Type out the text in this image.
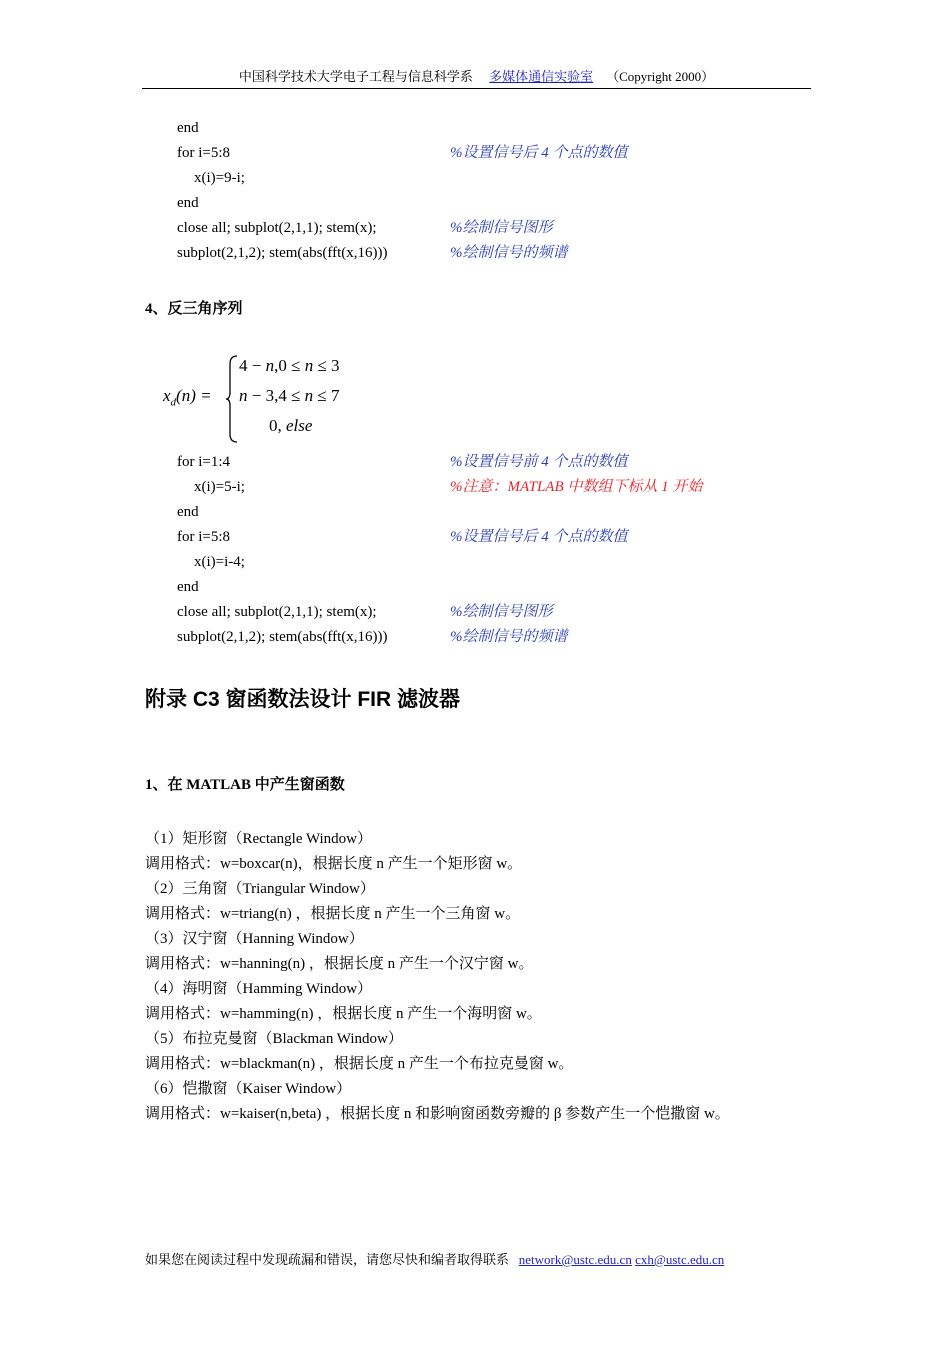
中国科学技术大学电子工程与信息科学系 多媒体通信实验室 （Copyright 2000）
end
for i=5:8	%设置信号后 4 个点的数值
x(i)=9-i;
end
close all; subplot(2,1,1); stem(x);	%绘制信号图形
subplot(2,1,2); stem(abs(fft(x,16)))	%绘制信号的频谱
4、反三角序列
$x_d(n)$ =
4 − n,0 ≤ n ≤ 3
n − 3,4 ≤ n ≤ 7
0, else
for i=1:4	%设置信号前 4 个点的数值
x(i)=5-i;	%注意：MATLAB 中数组下标从 1 开始
end
for i=5:8	%设置信号后 4 个点的数值
x(i)=i-4;
end
close all; subplot(2,1,1); stem(x);	%绘制信号图形
subplot(2,1,2); stem(abs(fft(x,16)))	%绘制信号的频谱
附录 C3 窗函数法设计 FIR 滤波器
1、在 MATLAB 中产生窗函数
（1）矩形窗（Rectangle Window）
调用格式：w=boxcar(n)，根据长度 n 产生一个矩形窗 w。
（2）三角窗（Triangular Window）
调用格式：w=triang(n) ，根据长度 n 产生一个三角窗 w。
（3）汉宁窗（Hanning Window）
调用格式：w=hanning(n) ，根据长度 n 产生一个汉宁窗 w。
（4）海明窗（Hamming Window）
调用格式：w=hamming(n) ，根据长度 n 产生一个海明窗 w。
（5）布拉克曼窗（Blackman Window）
调用格式：w=blackman(n) ，根据长度 n 产生一个布拉克曼窗 w。
（6）恺撒窗（Kaiser Window）
调用格式：w=kaiser(n,beta) ，根据长度 n 和影响窗函数旁瓣的 β 参数产生一个恺撒窗 w。
如果您在阅读过程中发现疏漏和错误，请您尽快和编者取得联系 network@ustc.edu.cn cxh@ustc.edu.cn
